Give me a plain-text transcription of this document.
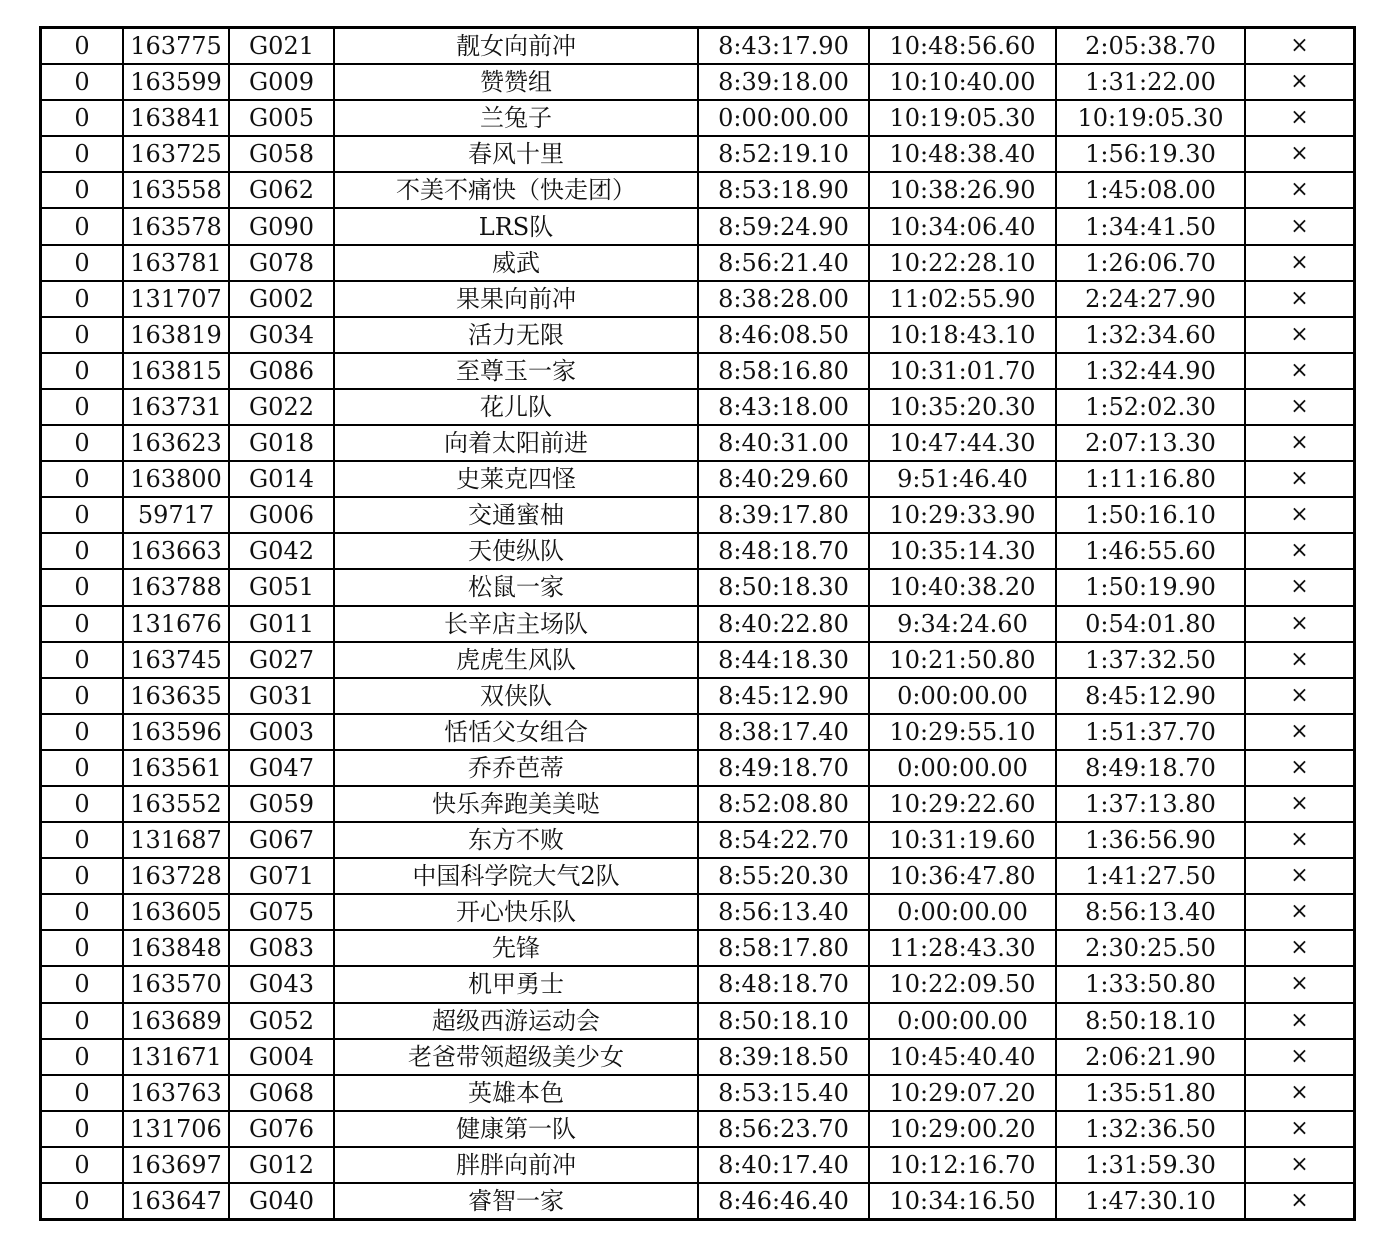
0	163775	G021	靓女向前冲	8:43:17.90	10:48:56.60	2:05:38.70	×
0	163599	G009	赞赞组	8:39:18.00	10:10:40.00	1:31:22.00	×
0	163841	G005	兰兔子	0:00:00.00	10:19:05.30	10:19:05.30	×
0	163725	G058	春风十里	8:52:19.10	10:48:38.40	1:56:19.30	×
0	163558	G062	不美不痛快（快走团）	8:53:18.90	10:38:26.90	1:45:08.00	×
0	163578	G090	LRS队	8:59:24.90	10:34:06.40	1:34:41.50	×
0	163781	G078	威武	8:56:21.40	10:22:28.10	1:26:06.70	×
0	131707	G002	果果向前冲	8:38:28.00	11:02:55.90	2:24:27.90	×
0	163819	G034	活力无限	8:46:08.50	10:18:43.10	1:32:34.60	×
0	163815	G086	至尊玉一家	8:58:16.80	10:31:01.70	1:32:44.90	×
0	163731	G022	花儿队	8:43:18.00	10:35:20.30	1:52:02.30	×
0	163623	G018	向着太阳前进	8:40:31.00	10:47:44.30	2:07:13.30	×
0	163800	G014	史莱克四怪	8:40:29.60	9:51:46.40	1:11:16.80	×
0	59717	G006	交通蜜柚	8:39:17.80	10:29:33.90	1:50:16.10	×
0	163663	G042	天使纵队	8:48:18.70	10:35:14.30	1:46:55.60	×
0	163788	G051	松鼠一家	8:50:18.30	10:40:38.20	1:50:19.90	×
0	131676	G011	长辛店主场队	8:40:22.80	9:34:24.60	0:54:01.80	×
0	163745	G027	虎虎生风队	8:44:18.30	10:21:50.80	1:37:32.50	×
0	163635	G031	双侠队	8:45:12.90	0:00:00.00	8:45:12.90	×
0	163596	G003	恬恬父女组合	8:38:17.40	10:29:55.10	1:51:37.70	×
0	163561	G047	乔乔芭蒂	8:49:18.70	0:00:00.00	8:49:18.70	×
0	163552	G059	快乐奔跑美美哒	8:52:08.80	10:29:22.60	1:37:13.80	×
0	131687	G067	东方不败	8:54:22.70	10:31:19.60	1:36:56.90	×
0	163728	G071	中国科学院大气2队	8:55:20.30	10:36:47.80	1:41:27.50	×
0	163605	G075	开心快乐队	8:56:13.40	0:00:00.00	8:56:13.40	×
0	163848	G083	先锋	8:58:17.80	11:28:43.30	2:30:25.50	×
0	163570	G043	机甲勇士	8:48:18.70	10:22:09.50	1:33:50.80	×
0	163689	G052	超级西游运动会	8:50:18.10	0:00:00.00	8:50:18.10	×
0	131671	G004	老爸带领超级美少女	8:39:18.50	10:45:40.40	2:06:21.90	×
0	163763	G068	英雄本色	8:53:15.40	10:29:07.20	1:35:51.80	×
0	131706	G076	健康第一队	8:56:23.70	10:29:00.20	1:32:36.50	×
0	163697	G012	胖胖向前冲	8:40:17.40	10:12:16.70	1:31:59.30	×
0	163647	G040	睿智一家	8:46:46.40	10:34:16.50	1:47:30.10	×
